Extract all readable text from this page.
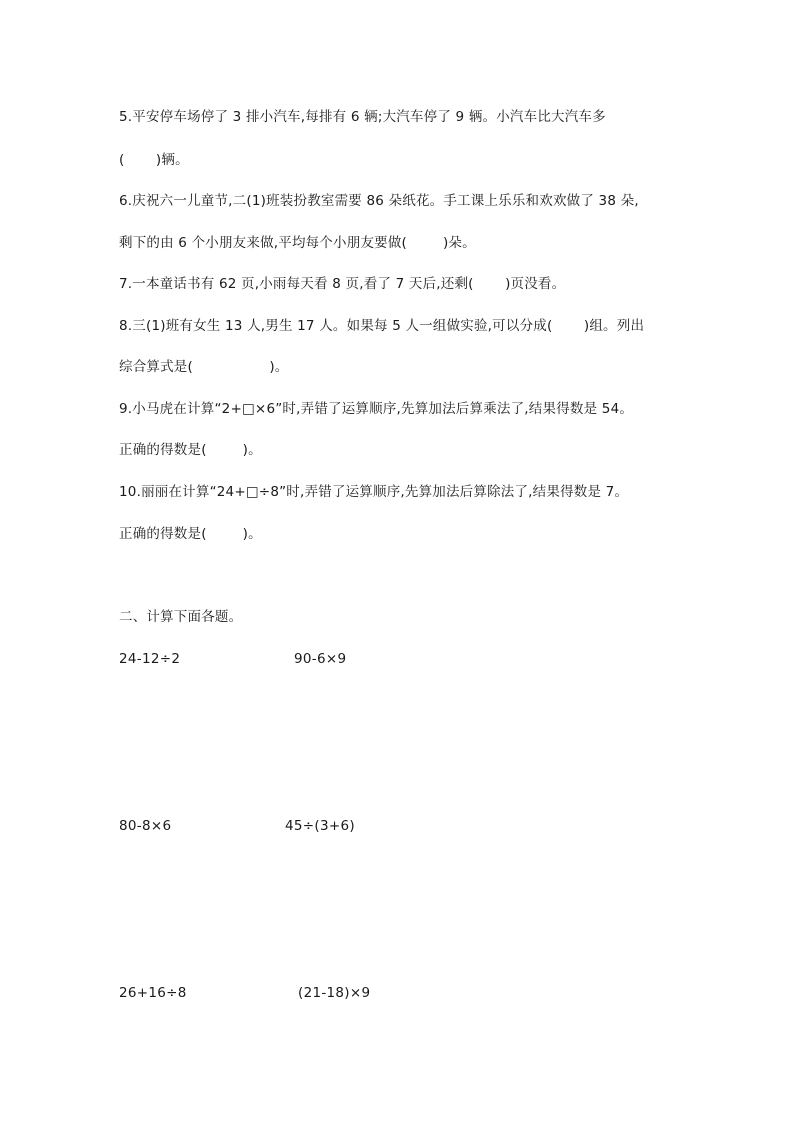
5.平安停车场停了 3 排小汽车,每排有 6 辆;大汽车停了 9 辆。小汽车比大汽车多
(       )辆。
6.庆祝六一儿童节,二(1)班装扮教室需要 86 朵纸花。手工课上乐乐和欢欢做了 38 朵,
剩下的由 6 个小朋友来做,平均每个小朋友要做(        )朵。
7.一本童话书有 62 页,小雨每天看 8 页,看了 7 天后,还剩(       )页没看。
8.三(1)班有女生 13 人,男生 17 人。如果每 5 人一组做实验,可以分成(       )组。列出
综合算式是(                 )。
9.小马虎在计算“2+□×6”时,弄错了运算顺序,先算加法后算乘法了,结果得数是 54。
正确的得数是(        )。
10.丽丽在计算“24+□÷8”时,弄错了运算顺序,先算加法后算除法了,结果得数是 7。
正确的得数是(        )。
二、计算下面各题。
24-12÷2	90-6×9
80-8×6	45÷(3+6)
26+16÷8	(21-18)×9
